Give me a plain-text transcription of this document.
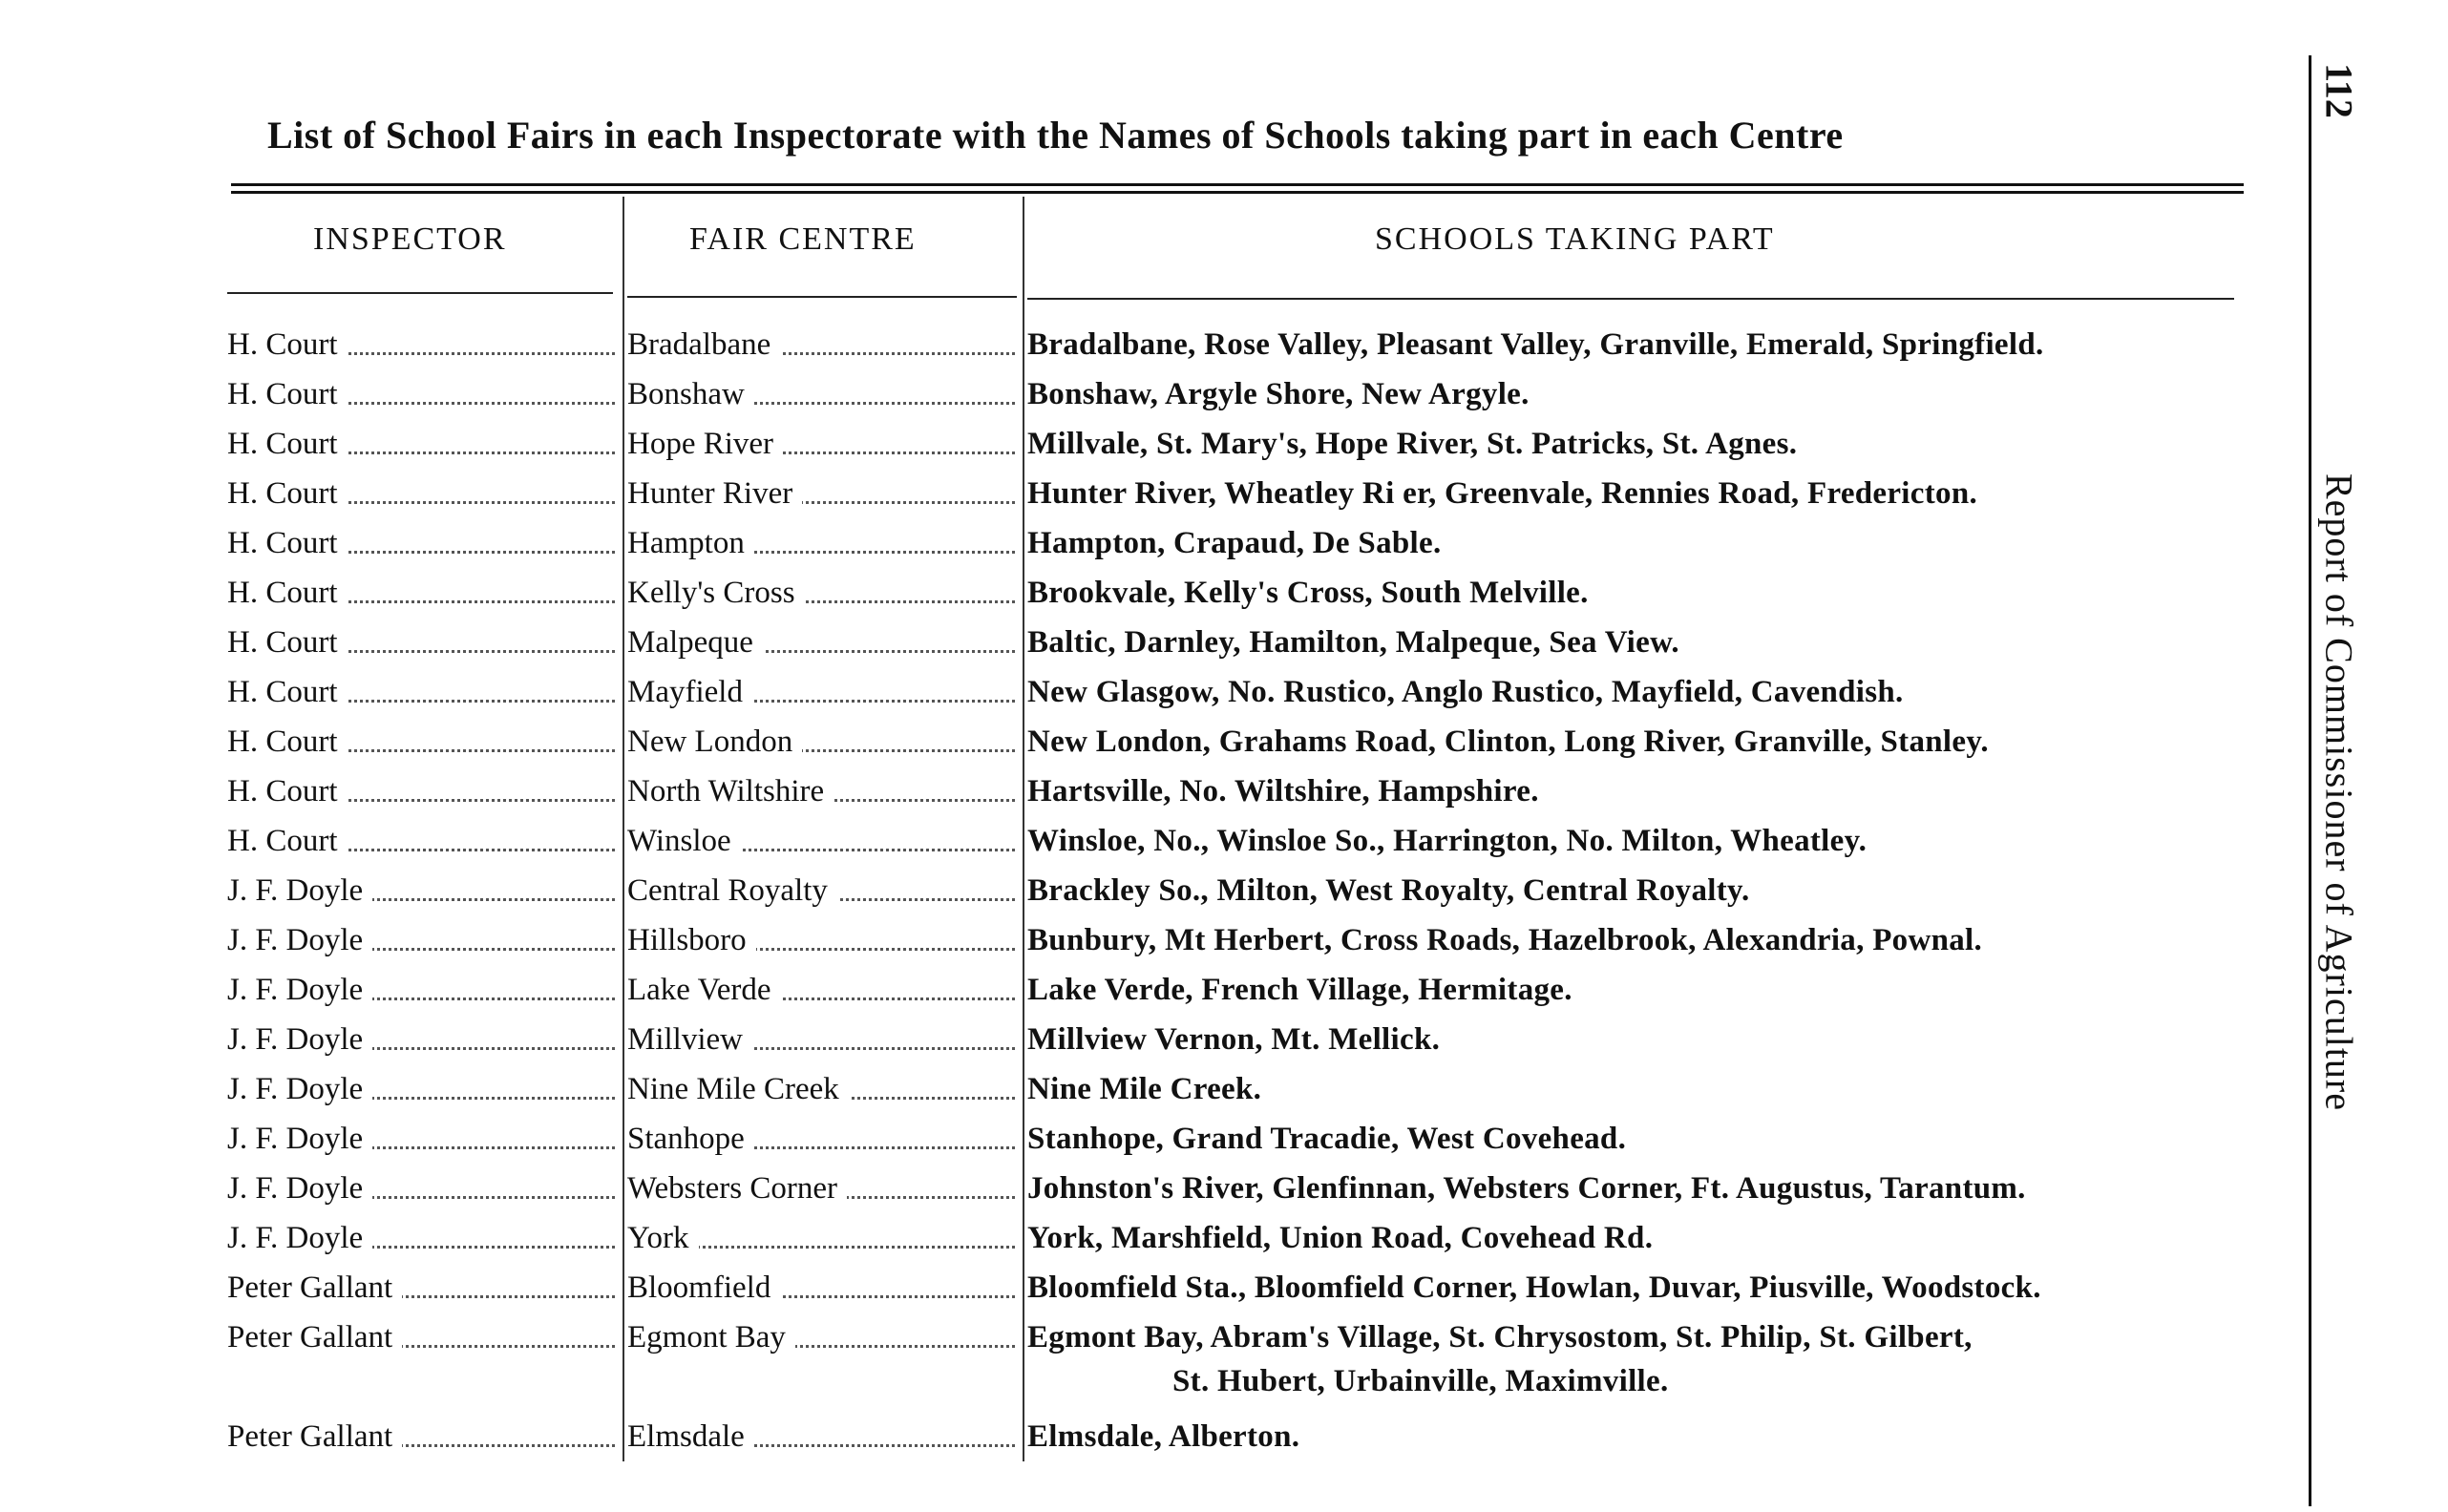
List of School Fairs in each Inspectorate with the Names of Schools taking part in each Centre
INSPECTOR	FAIR CENTRE	SCHOOLS TAKING PART
H. Court	Bradalbane	Bradalbane, Rose Valley, Pleasant Valley, Granville, Emerald, Springfield.
H. Court	Bonshaw	Bonshaw, Argyle Shore, New Argyle.
H. Court	Hope River	Millvale, St. Mary's, Hope River, St. Patricks, St. Agnes.
H. Court	Hunter River	Hunter River, Wheatley Ri er, Greenvale, Rennies Road, Fredericton.
H. Court	Hampton	Hampton, Crapaud, De Sable.
H. Court	Kelly's Cross	Brookvale, Kelly's Cross, South Melville.
H. Court	Malpeque	Baltic, Darnley, Hamilton, Malpeque, Sea View.
H. Court	Mayfield	New Glasgow, No. Rustico, Anglo Rustico, Mayfield, Cavendish.
H. Court	New London	New London, Grahams Road, Clinton, Long River, Granville, Stanley.
H. Court	North Wiltshire	Hartsville, No. Wiltshire, Hampshire.
H. Court	Winsloe	Winsloe, No., Winsloe So., Harrington, No. Milton, Wheatley.
J. F. Doyle	Central Royalty	Brackley So., Milton, West Royalty, Central Royalty.
J. F. Doyle	Hillsboro	Bunbury, Mt Herbert, Cross Roads, Hazelbrook, Alexandria, Pownal.
J. F. Doyle	Lake Verde	Lake Verde, French Village, Hermitage.
J. F. Doyle	Millview	Millview Vernon, Mt. Mellick.
J. F. Doyle	Nine Mile Creek	Nine Mile Creek.
J. F. Doyle	Stanhope	Stanhope, Grand Tracadie, West Covehead.
J. F. Doyle	Websters Corner	Johnston's River, Glenfinnan, Websters Corner, Ft. Augustus, Tarantum.
J. F. Doyle	York	York, Marshfield, Union Road, Covehead Rd.
Peter Gallant	Bloomfield	Bloomfield Sta., Bloomfield Corner, Howlan, Duvar, Piusville, Woodstock.
Peter Gallant	Egmont Bay	Egmont Bay, Abram's Village, St. Chrysostom, St. Philip, St. Gilbert,
St. Hubert, Urbainville, Maximville.
Peter Gallant	Elmsdale	Elmsdale, Alberton.
112
Report of Commissioner of Agriculture
